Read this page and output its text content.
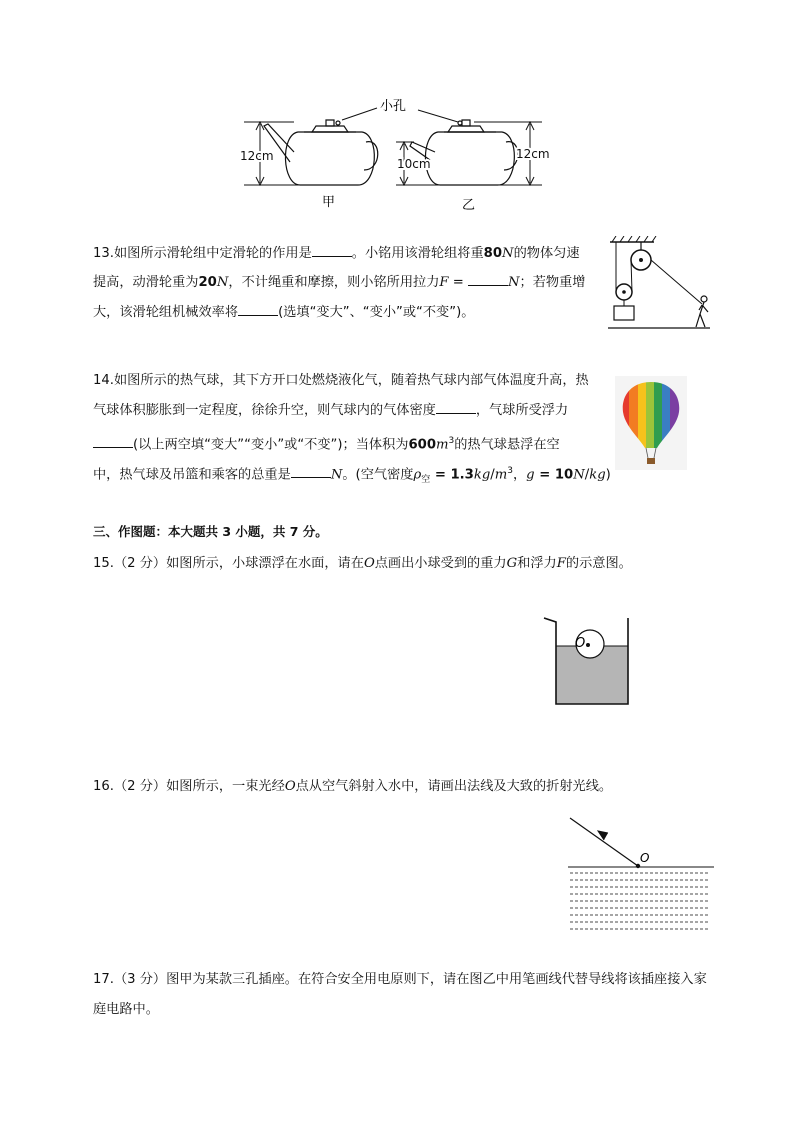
小孔
12cm
甲
10cm
12cm
乙
13.如图所示滑轮组中定滑轮的作用是	。小铭用该滑轮组将重80N的物体匀速
提高，动滑轮重为20N，不计绳重和摩擦，则小铭所用拉力F =	N；若物重增
大，该滑轮组机械效率将	(选填“变大”、“变小”或“不变”)。
14.如图所示的热气球，其下方开口处燃烧液化气，随着热气球内部气体温度升高，热
气球体积膨胀到一定程度，徐徐升空，则气球内的气体密度	，气球所受浮力
(以上两空填“变大”“变小”或“不变”)；当体积为$600m^3$的热气球悬浮在空
中，热气球及吊篮和乘客的总重是	N。(空气密度$\rho_空 = 1.3kg/m^3$，g = 10N/kg)
三、作图题：本大题共 3 小题，共 7 分。
15.（2 分）如图所示，小球漂浮在水面，请在O点画出小球受到的重力G和浮力F的示意图。
O
16.（2 分）如图所示，一束光经O点从空气斜射入水中，请画出法线及大致的折射光线。
O
17.（3 分）图甲为某款三孔插座。在符合安全用电原则下，请在图乙中用笔画线代替导线将该插座接入家
庭电路中。
